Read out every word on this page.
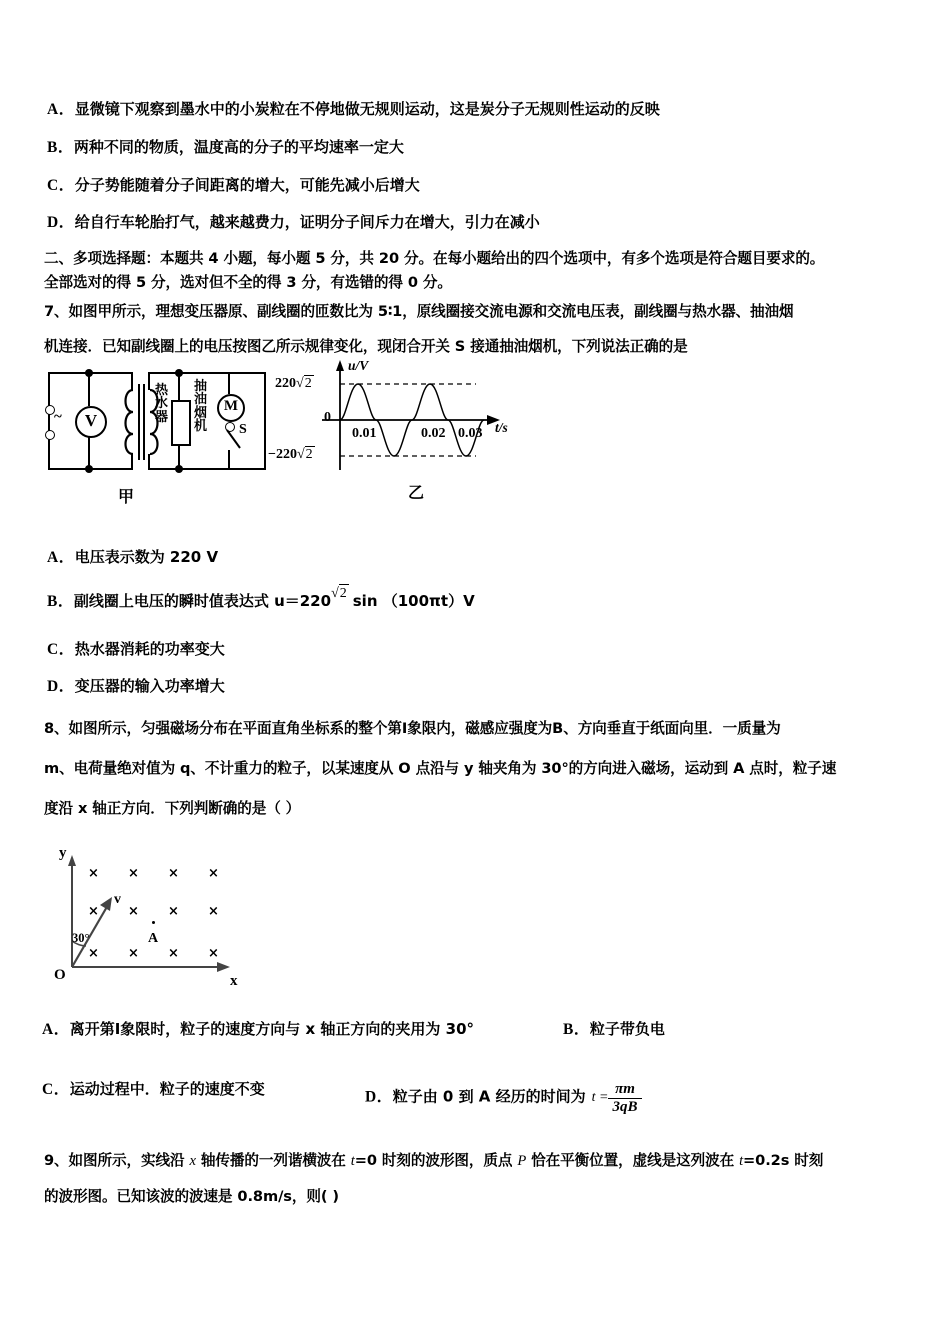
A．显微镜下观察到墨水中的小炭粒在不停地做无规则运动，这是炭分子无规则性运动的反映
B．两种不同的物质，温度高的分子的平均速率一定大
C．分子势能随着分子间距离的增大，可能先减小后增大
D．给自行车轮胎打气，越来越费力，证明分子间斥力在增大，引力在减小
二、多项选择题：本题共 4 小题，每小题 5 分，共 20 分。在每小题给出的四个选项中，有多个选项是符合题目要求的。
全部选对的得 5 分，选对但不全的得 3 分，有选错的得 0 分。
7、如图甲所示，理想变压器原、副线圈的匝数比为 5∶1，原线圈接交流电源和交流电压表，副线圈与热水器、抽油烟
机连接．已知副线圈上的电压按图乙所示规律变化，现闭合开关 S 接通抽油烟机，下列说法正确的是
~	V
热水器
抽油烟机
M
S
甲
u/V
220√2
−220√2
0
0.01	0.02 0.03 t/s
乙
A．电压表示数为 220 V
B．副线圈上电压的瞬时值表达式 u＝220√2 sin （100πt）V
C．热水器消耗的功率变大
D．变压器的输入功率增大
8、如图所示，匀强磁场分布在平面直角坐标系的整个第Ⅰ象限内，磁感应强度为B、方向垂直于纸面向里．一质量为
m、电荷量绝对值为 q、不计重力的粒子，以某速度从 O 点沿与 y 轴夹角为 30°的方向进入磁场，运动到 A 点时，粒子速
度沿 x 轴正方向．下列判断确的是（ ）
y
x
O
v
30°
× × × ×
× × × ×
× × × ×
A
A．离开第Ⅰ象限时，粒子的速度方向与 x 轴正方向的夹用为 30°	B．粒子带负电
C．运动过程中．粒子的速度不变	D．粒子由 0 到 A 经历的时间为 $t = \frac{\pi m}{3qB}$
9、如图所示，实线沿 x 轴传播的一列谐横波在 t=0 时刻的波形图，质点 P 恰在平衡位置，虚线是这列波在 t=0.2s 时刻
的波形图。已知该波的波速是 0.8m/s，则( )
